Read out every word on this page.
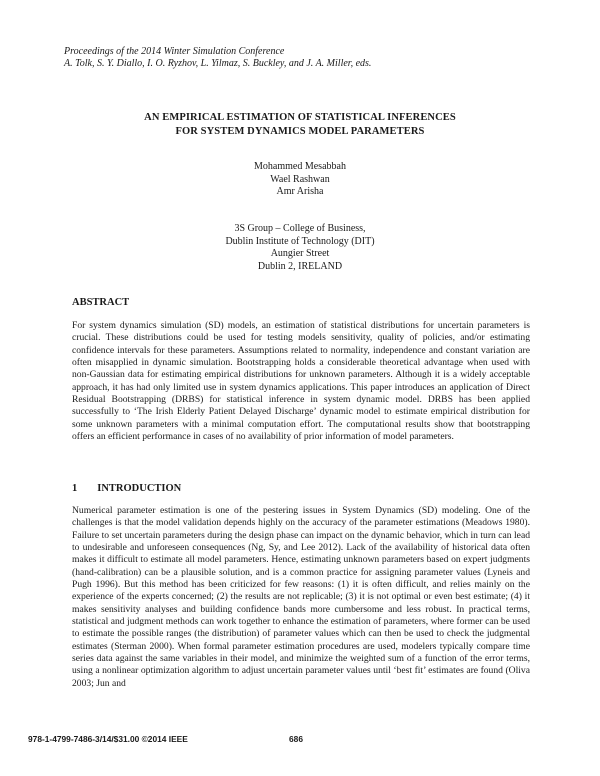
Proceedings of the 2014 Winter Simulation Conference
A. Tolk, S. Y. Diallo, I. O. Ryzhov, L. Yilmaz, S. Buckley, and J. A. Miller, eds.
AN EMPIRICAL ESTIMATION OF STATISTICAL INFERENCES
FOR SYSTEM DYNAMICS MODEL PARAMETERS
Mohammed Mesabbah
Wael Rashwan
Amr Arisha
3S Group – College of Business,
Dublin Institute of Technology (DIT)
Aungier Street
Dublin 2, IRELAND
ABSTRACT

For system dynamics simulation (SD) models, an estimation of statistical distributions for uncertain parameters is crucial. These distributions could be used for testing models sensitivity, quality of policies, and/or estimating confidence intervals for these parameters. Assumptions related to normality, independence and constant variation are often misapplied in dynamic simulation. Bootstrapping holds a considerable theoretical advantage when used with non-Gaussian data for estimating empirical distributions for unknown parameters. Although it is a widely acceptable approach, it has had only limited use in system dynamics applications. This paper introduces an application of Direct Residual Bootstrapping (DRBS) for statistical inference in system dynamic model. DRBS has been applied successfully to ‘The Irish Elderly Patient Delayed Discharge’ dynamic model to estimate empirical distribution for some unknown parameters with a minimal computation effort. The computational results show that bootstrapping offers an efficient performance in cases of no availability of prior information of model parameters.

1 INTRODUCTION

Numerical parameter estimation is one of the pestering issues in System Dynamics (SD) modeling. One of the challenges is that the model validation depends highly on the accuracy of the parameter estimations (Meadows 1980). Failure to set uncertain parameters during the design phase can impact on the dynamic behavior, which in turn can lead to undesirable and unforeseen consequences (Ng, Sy, and Lee 2012). Lack of the availability of historical data often makes it difficult to estimate all model parameters. Hence, estimating unknown parameters based on expert judgments (hand-calibration) can be a plausible solution, and is a common practice for assigning parameter values (Lyneis and Pugh 1996). But this method has been criticized for few reasons: (1) it is often difficult, and relies mainly on the experience of the experts concerned; (2) the results are not replicable; (3) it is not optimal or even best estimate; (4) it makes sensitivity analyses and building confidence bands more cumbersome and less robust. In practical terms, statistical and judgment methods can work together to enhance the estimation of parameters, where former can be used to estimate the possible ranges (the distribution) of parameter values which can then be used to check the judgmental estimates (Sterman 2000). When formal parameter estimation procedures are used, modelers typically compare time series data against the same variables in their model, and minimize the weighted sum of a function of the error terms, using a nonlinear optimization algorithm to adjust uncertain parameter values until ‘best fit’ estimates are found (Oliva 2003; Jun and

978-1-4799-7486-3/14/$31.00 ©2014 IEEE	686
